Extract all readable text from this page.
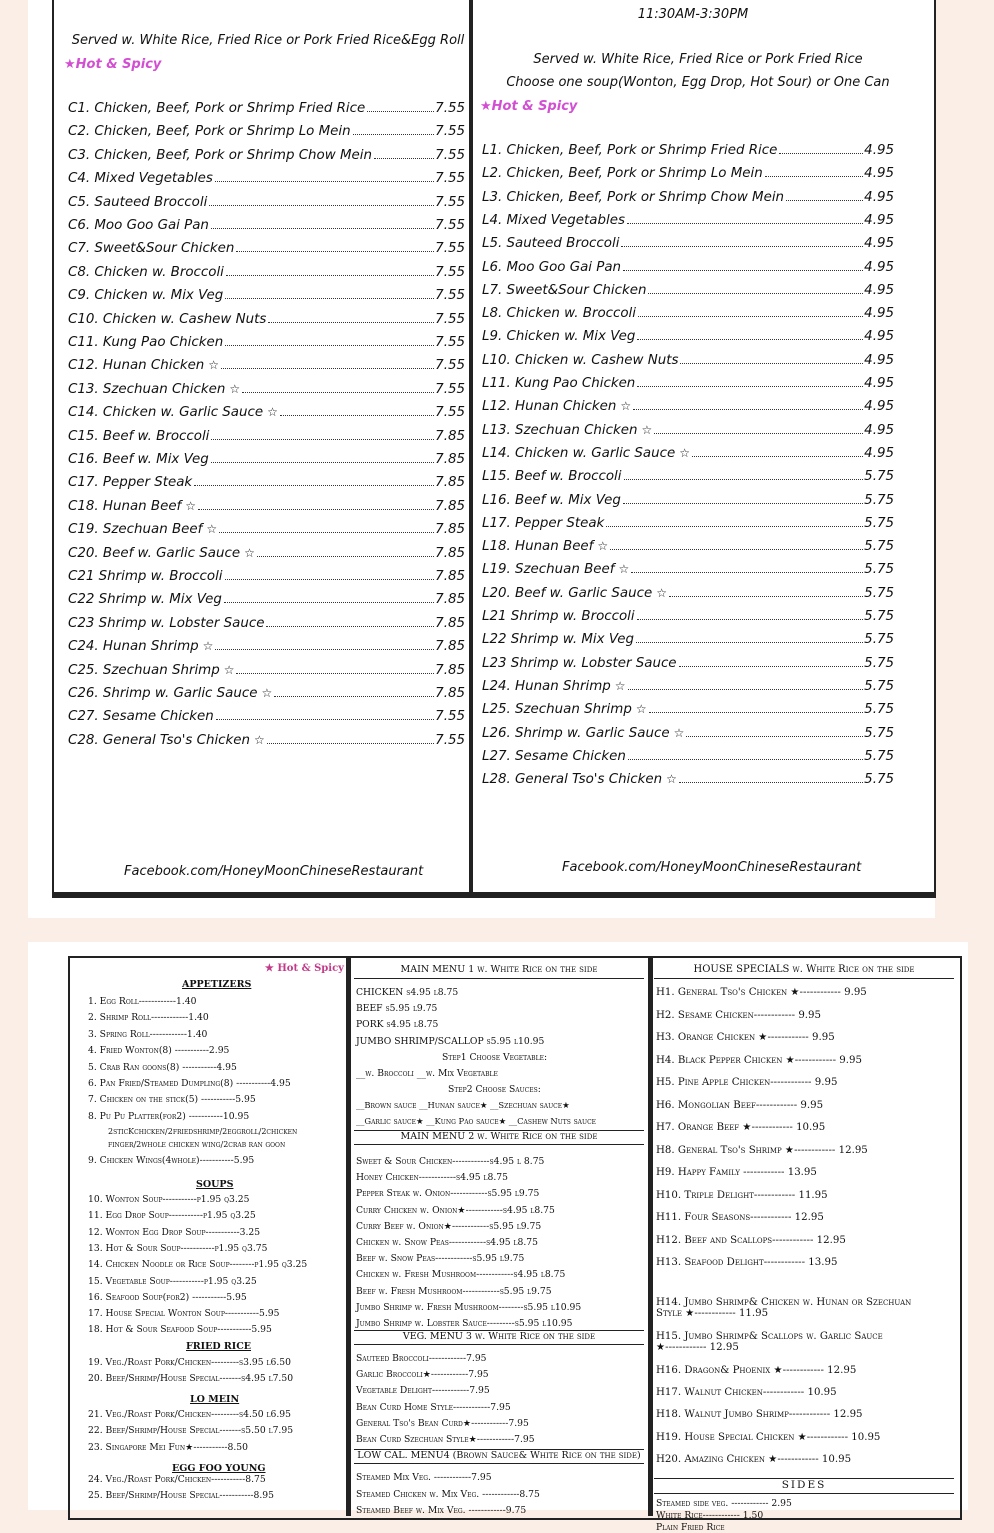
11:30AM-3:30PM
Served w. White Rice, Fried Rice or Pork Fried Rice&Egg Roll
★Hot & Spicy
C1. Chicken, Beef, Pork or Shrimp Fried Rice	7.55
C2. Chicken, Beef, Pork or Shrimp Lo Mein	7.55
C3. Chicken, Beef, Pork or Shrimp Chow Mein	7.55
C4. Mixed Vegetables	7.55
C5. Sauteed Broccoli	7.55
C6. Moo Goo Gai Pan	7.55
C7. Sweet&Sour Chicken	7.55
C8. Chicken w. Broccoli	7.55
C9. Chicken w. Mix Veg	7.55
C10. Chicken w. Cashew Nuts	7.55
C11. Kung Pao Chicken	7.55
C12. Hunan Chicken ☆	7.55
C13. Szechuan Chicken ☆	7.55
C14. Chicken w. Garlic Sauce ☆	7.55
C15. Beef w. Broccoli	7.85
C16. Beef w. Mix Veg	7.85
C17. Pepper Steak	7.85
C18. Hunan Beef ☆	7.85
C19. Szechuan Beef ☆	7.85
C20. Beef w. Garlic Sauce ☆	7.85
C21 Shrimp w. Broccoli	7.85
C22 Shrimp w. Mix Veg	7.85
C23 Shrimp w. Lobster Sauce	7.85
C24. Hunan Shrimp ☆	7.85
C25. Szechuan Shrimp ☆	7.85
C26. Shrimp w. Garlic Sauce ☆	7.85
C27. Sesame Chicken	7.55
C28. General Tso's Chicken ☆	7.55
Facebook.com/HoneyMoonChineseRestaurant
Served w. White Rice, Fried Rice or Pork Fried Rice
Choose one soup(Wonton, Egg Drop, Hot Sour) or One Can
★Hot & Spicy
L1. Chicken, Beef, Pork or Shrimp Fried Rice	4.95
L2. Chicken, Beef, Pork or Shrimp Lo Mein	4.95
L3. Chicken, Beef, Pork or Shrimp Chow Mein	4.95
L4. Mixed Vegetables	4.95
L5. Sauteed Broccoli	4.95
L6. Moo Goo Gai Pan	4.95
L7. Sweet&Sour Chicken	4.95
L8. Chicken w. Broccoli	4.95
L9. Chicken w. Mix Veg	4.95
L10. Chicken w. Cashew Nuts	4.95
L11. Kung Pao Chicken	4.95
L12. Hunan Chicken ☆	4.95
L13. Szechuan Chicken ☆	4.95
L14. Chicken w. Garlic Sauce ☆	4.95
L15. Beef w. Broccoli	5.75
L16. Beef w. Mix Veg	5.75
L17. Pepper Steak	5.75
L18. Hunan Beef ☆	5.75
L19. Szechuan Beef ☆	5.75
L20. Beef w. Garlic Sauce ☆	5.75
L21 Shrimp w. Broccoli	5.75
L22 Shrimp w. Mix Veg	5.75
L23 Shrimp w. Lobster Sauce	5.75
L24. Hunan Shrimp ☆	5.75
L25. Szechuan Shrimp ☆	5.75
L26. Shrimp w. Garlic Sauce ☆	5.75
L27. Sesame Chicken	5.75
L28. General Tso's Chicken ☆	5.75
Facebook.com/HoneyMoonChineseRestaurant
★ Hot & Spicy
APPETIZERS
1. Egg Roll------------1.40
2. Shrimp Roll------------1.40
3. Spring Roll------------1.40
4. Fried Wonton(8) -----------2.95
5. Crab Ran goons(8) -----------4.95
6. Pan Fried/Steamed Dumpling(8) -----------4.95
7. Chicken on the stick(5) -----------5.95
8. Pu Pu Platter(for2) -----------10.95
2sticKchicken/2friedshrimp/2eggroll/2chicken
finger/2whole chicken wing/2crab ran goon
9. Chicken Wings(4whole)-----------5.95
SOUPS
10. Wonton Soup-----------p1.95 q3.25
11. Egg Drop Soup-----------p1.95 q3.25
12. Wonton Egg Drop Soup-----------3.25
13. Hot & Sour Soup-----------p1.95 q3.75
14. Chicken Noodle or Rice Soup--------p1.95 q3.25
15. Vegetable Soup-----------p1.95 q3.25
16. Seafood Soup(for2) -----------5.95
17. House Special Wonton Soup-----------5.95
18. Hot & Sour Seafood Soup-----------5.95
FRIED RICE
19. Veg./Roast Pork/Chicken---------s3.95 l6.50
20. Beef/Shrimp/House Special-------s4.95 l7.50
LO MEIN
21. Veg./Roast Pork/Chicken---------s4.50 l6.95
22. Beef/Shrimp/House Special-------s5.50 l7.95
23. Singapore Mei Fun★-----------8.50
EGG FOO YOUNG
24. Veg./Roast Pork/Chicken-----------8.75
25. Beef/Shrimp/House Special-----------8.95
MAIN MENU 1 w. White Rice on the side
CHICKEN s4.95 l8.75
BEEF s5.95 l9.75
PORK s4.95 l8.75
JUMBO SHRIMP/SCALLOP s5.95 l10.95
Step1 Choose Vegetable:
__w. Broccoli __w. Mix Vegetable
Step2 Choose Sauces:
__Brown sauce __Hunan sauce★ __Szechuan sauce★
__Garlic sauce★ __Kung Pao sauce★ __Cashew Nuts sauce
MAIN MENU 2 w. White Rice on the side
Sweet & Sour Chicken------------s4.95 l 8.75
Honey Chicken------------s4.95 l8.75
Pepper Steak w. Onion------------s5.95 l9.75
Curry Chicken w. Onion★------------s4.95 l8.75
Curry Beef w. Onion★------------s5.95 l9.75
Chicken w. Snow Peas------------s4.95 l8.75
Beef w. Snow Peas------------s5.95 l9.75
Chicken w. Fresh Mushroom------------s4.95 l8.75
Beef w. Fresh Mushroom------------s5.95 l9.75
Jumbo Shrimp w. Fresh Mushroom--------s5.95 l10.95
Jumbo Shrimp w. Lobster Sauce---------s5.95 l10.95
VEG. MENU 3 w. White Rice on the side
Sauteed Broccoli------------7.95
Garlic Broccoli★------------7.95
Vegetable Delight------------7.95
Bean Curd Home Style------------7.95
General Tso's Bean Curd★------------7.95
Bean Curd Szechuan Style★------------7.95
LOW CAL. MENU4 (Brown Sauce& White Rice on the side)
Steamed Mix Veg. ------------7.95
Steamed Chicken w. Mix Veg. ------------8.75
Steamed Beef w. Mix Veg. ------------9.75
HOUSE SPECIALS w. White Rice on the side
H1. General Tso's Chicken ★------------ 9.95
H2. Sesame Chicken------------ 9.95
H3. Orange Chicken ★------------ 9.95
H4. Black Pepper Chicken ★------------ 9.95
H5. Pine Apple Chicken------------ 9.95
H6. Mongolian Beef------------ 9.95
H7. Orange Beef ★------------ 10.95
H8. General Tso's Shrimp ★------------ 12.95
H9. Happy Family ------------ 13.95
H10. Triple Delight------------ 11.95
H11. Four Seasons------------ 12.95
H12. Beef and Scallops------------ 12.95
H13. Seafood Delight------------ 13.95
H14. Jumbo Shrimp& Chicken w. Hunan or Szechuan
Style ★------------ 11.95
H15. Jumbo Shrimp& Scallops w. Garlic Sauce
★------------ 12.95
H16. Dragon& Phoenix ★------------ 12.95
H17. Walnut Chicken------------ 10.95
H18. Walnut Jumbo Shrimp------------ 12.95
H19. House Special Chicken ★------------ 10.95
H20. Amazing Chicken ★------------ 10.95
SIDES
Steamed side veg. ------------ 2.95
White Rice------------ 1.50
Plain Fried Rice
